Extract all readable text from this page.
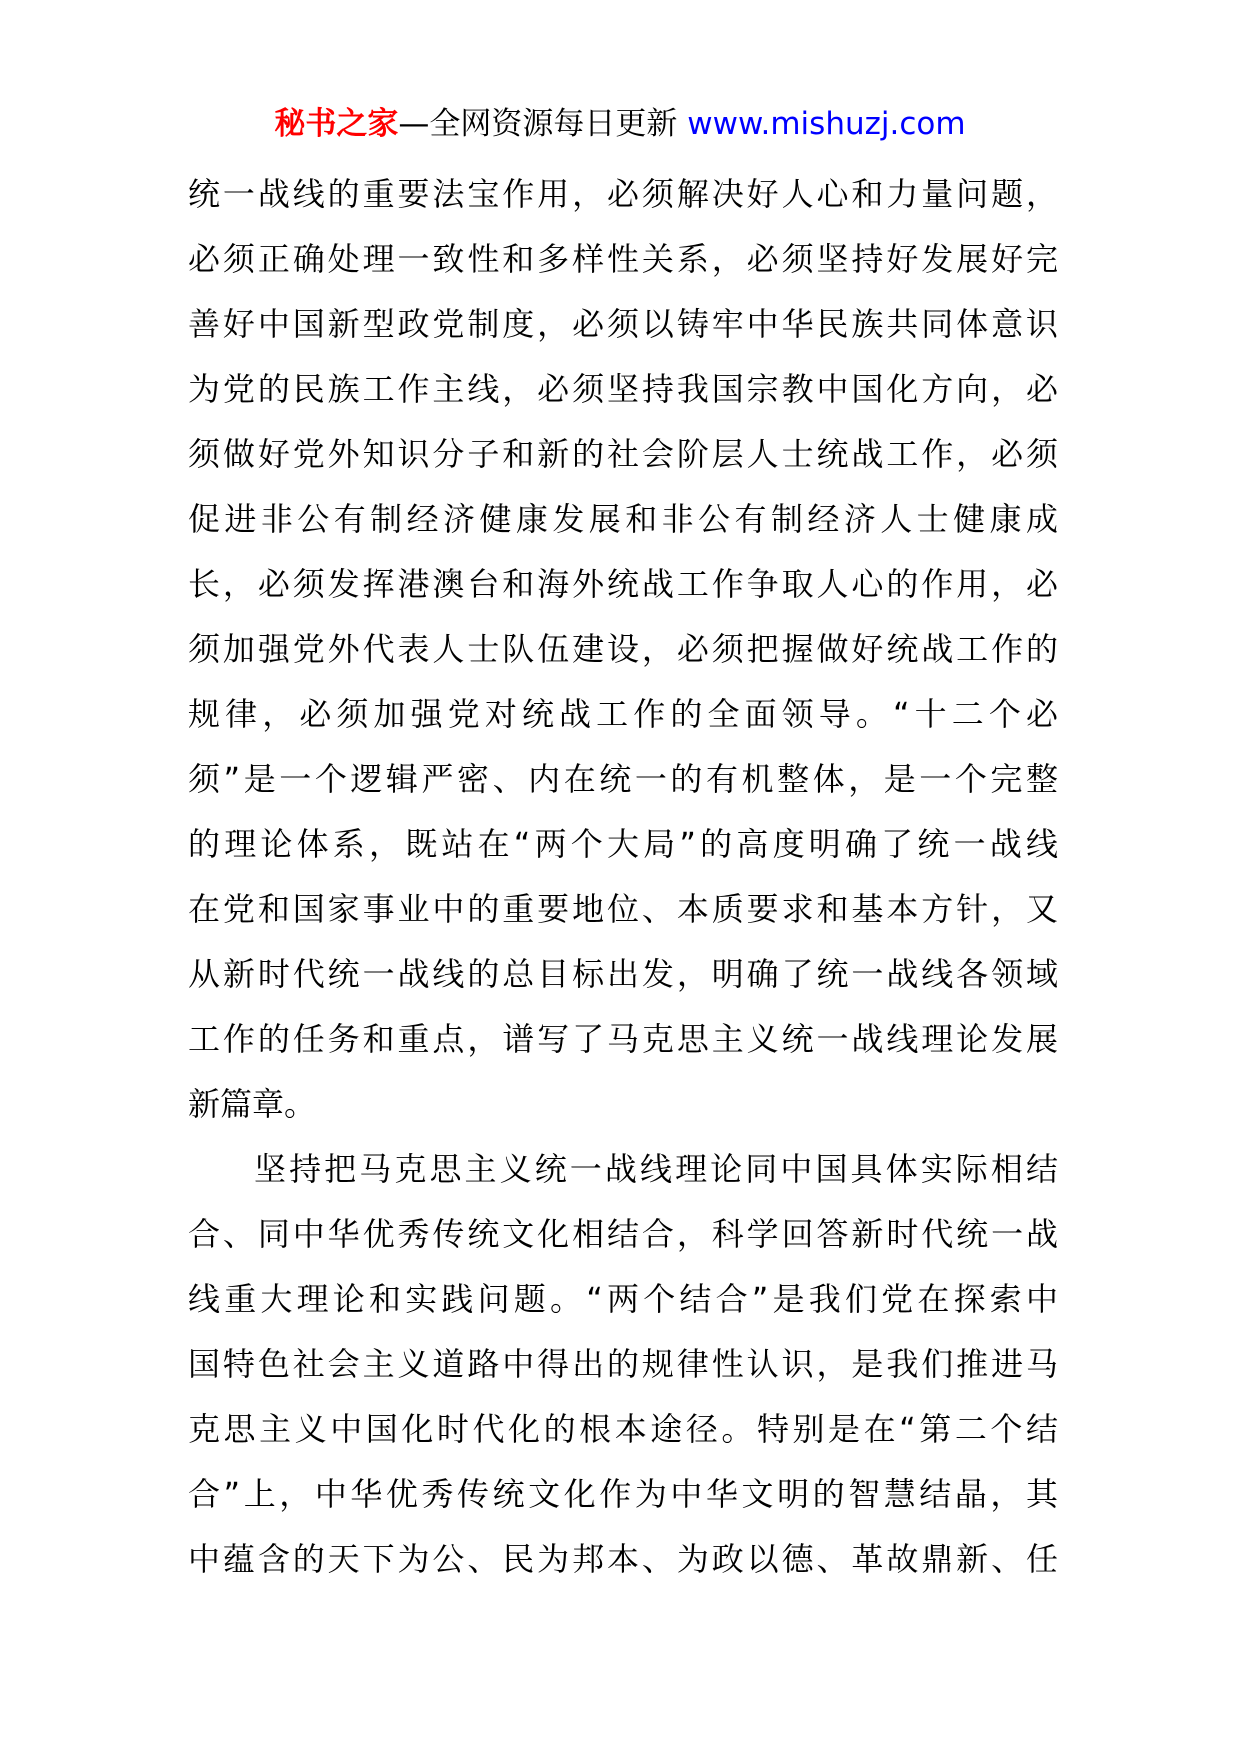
秘书之家—全网资源每日更新 www.mishuzj.com
统一战线的重要法宝作用，必须解决好人心和力量问题，
必须正确处理一致性和多样性关系，必须坚持好发展好完
善好中国新型政党制度，必须以铸牢中华民族共同体意识
为党的民族工作主线，必须坚持我国宗教中国化方向，必
须做好党外知识分子和新的社会阶层人士统战工作，必须
促进非公有制经济健康发展和非公有制经济人士健康成
长，必须发挥港澳台和海外统战工作争取人心的作用，必
须加强党外代表人士队伍建设，必须把握做好统战工作的
规律，必须加强党对统战工作的全面领导。“十二个必
须”是一个逻辑严密、内在统一的有机整体，是一个完整
的理论体系，既站在“两个大局”的高度明确了统一战线
在党和国家事业中的重要地位、本质要求和基本方针，又
从新时代统一战线的总目标出发，明确了统一战线各领域
工作的任务和重点，谱写了马克思主义统一战线理论发展
新篇章。
坚持把马克思主义统一战线理论同中国具体实际相结
合、同中华优秀传统文化相结合，科学回答新时代统一战
线重大理论和实践问题。“两个结合”是我们党在探索中
国特色社会主义道路中得出的规律性认识，是我们推进马
克思主义中国化时代化的根本途径。特别是在“第二个结
合”上，中华优秀传统文化作为中华文明的智慧结晶，其
中蕴含的天下为公、民为邦本、为政以德、革故鼎新、任
